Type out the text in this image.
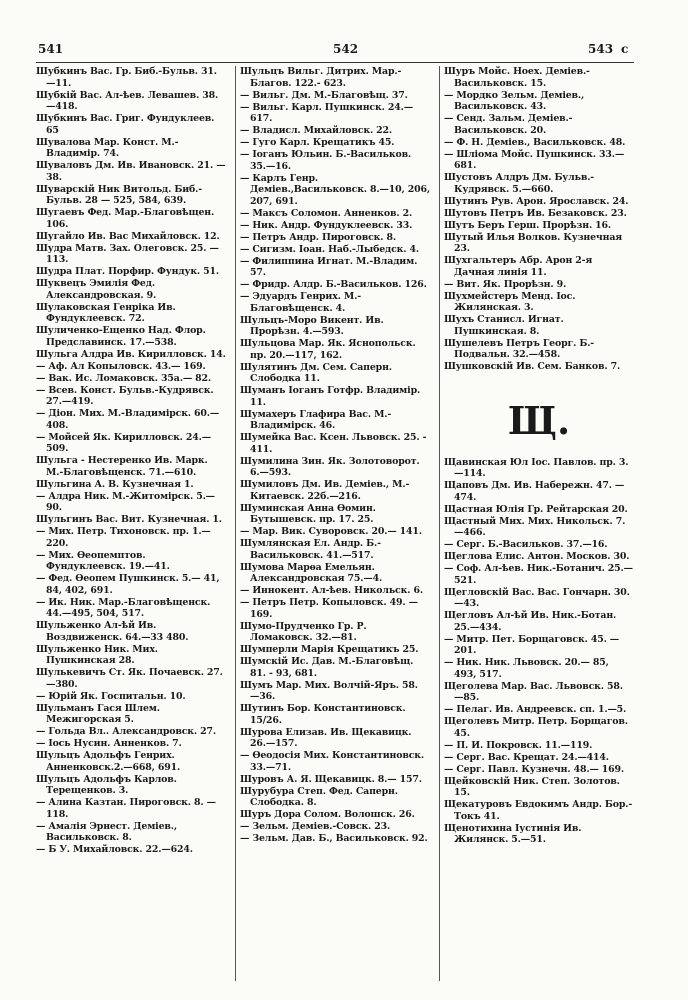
541	542	543 c
Шубкинъ Вас. Гр. Биб.-Бульв. 31.—11.
Шубкій Вас. Ал-ѣев. Левашев. 38.—418.
Шубкинъ Вас. Григ. Фундуклеев. 65
Шувалова Мар. Конст. М.-Владимір. 74.
Шуваловъ Дм. Ив. Ивановск. 21. —38.
Шуварскій Ник Витольд. Биб.-Бульв. 28 — 525, 584, 639.
Шугаевъ Фед. Мар.-Благовѣщен. 106.
Шугайло Ив. Вас Михайловск. 12.
Шудра Матв. Зах. Олеговск. 25. —113.
Шудра Плат. Порфир. Фундук. 51.
Шуквецъ Эмилія Фед. Александровская. 9.
Шулаковская Генріка Ив. Фундуклеевск. 72.
Шуличенко-Ещенко Над. Флор. Предславинск. 17.—538.
Шульга Алдра Ив. Кирилловск. 14.
— Аф. Ал Копыловск. 43.— 169.
— Вак. Ис. Ломаковск. 35а.— 82.
— Всев. Конст. Бульв.-Кудрявск. 27.—419.
— Діон. Мих. М.-Владимірск. 60.—408.
— Мойсей Як. Кирилловск. 24.— 509.
Шульга - Нестеренко Ив. Марк. М.-Благовѣщенск. 71.—610.
Шульгина А. В. Кузнечная 1.
— Алдра Ник. М.-Житомірск. 5.—90.
Шульгинъ Вас. Вит. Кузнечная. 1.
— Мих. Петр. Тихоновск. пр. 1.—220.
— Мих. Ѳеопемптов. Фундуклеевск. 19.—41.
— Фед. Ѳеопем Пушкинск. 5.— 41, 84, 402, 691.
— Ик. Ник. Мар.-Благовѣщенск. 44.—495, 504, 517.
Шульженко Ал-ѣй Ив. Воздвиженск. 64.—33 480.
Шульженко Ник. Мих. Пушкинская 28.
Шулькевичъ Ст. Як. Почаевск. 27.—380.
— Юрій Як. Госпитальн. 10.
Шульманъ Гася Шлем. Межигорская 5.
— Гольда Вл.. Александровск. 27.
— Іось Нусин. Анненков. 7.
Шульцъ Адольфъ Генрих. Анненковск.2.—668, 691.
Шульцъ Адольфъ Карлов. Терещенков. 3.
— Алина Казтан. Пироговск. 8. —118.
— Амалія Эрнест. Деміев., Васильковск. 8.
— Б У. Михайловск. 22.—624.
Шульцъ Вильг. Дитрих. Мар.-Благов. 122.- 623.
— Вильг. Дм. М.-Благовѣщ. 37.
— Вильг. Карл. Пушкинск. 24.— 617.
— Владисл. Михайловск. 22.
— Гуго Карл. Крещатикъ 45.
— Іоганъ Юльин. Б.-Васильков. 35.—16.
— Карлъ Генр. Деміев.,Васильковск. 8.—10, 206, 207, 691.
— Максъ Соломон. Анненков. 2.
— Ник. Андр. Фундуклеевск. 33.
— Петръ Андр. Пироговск. 8.
— Сигизм. Іоан. Наб.-Лыбедск. 4.
— Филиппина Игнат. М.-Владим. 57.
— Фридр. Алдр. Б.-Васильков. 126.
— Эдуардъ Генрих. М.-Благовѣщенск. 4.
Шульцъ-Моро Викент. Ив. Прорѣзн. 4.—593.
Шульцова Мар. Як. Яснопольск. пр. 20.—117, 162.
Шулятинъ Дм. Сем. Саперн. Слободка 11.
Шуманъ Іоганъ Готфр. Владимір. 11.
Шумахеръ Глафира Вас. М.-Владимірск. 46.
Шумейка Вас. Ксен. Львовск. 25. - 411.
Шумилина Зин. Як. Золотоворот. 6.—593.
Шумиловъ Дм. Ив. Деміев., М.-Китаевск. 22б.—216.
Шуминская Анна Ѳомин. Бутышевск. пр. 17. 25.
— Мар. Вик. Суворовск. 20.— 141.
Шумлянская Ел. Андр. Б.-Васильковск. 41.—517.
Шумова Марѳа Емельян. Александровская 75.—4.
— Иннокент. Ал-ѣев. Никольск. 6.
— Петръ Петр. Копыловск. 49. —169.
Шумо-Прудченко Гр. Р. Ломаковск. 32.—81.
Шумперли Марія Крещатикъ 25.
Шумскій Ис. Дав. М.-Благовѣщ. 81. - 93, 681.
Шумъ Мар. Мих. Волчій-Яръ. 58. —36.
Шутинъ Бор. Константиновск. 15/26.
Шурова Елизав. Ив. Щекавицк. 26.—157.
— Ѳеодосія Мих. Константиновск. 33.—71.
Шуровъ А. Я. Щекавицк. 8.— 157.
Шурубура Степ. Фед. Саперн. Слободка. 8.
Шуръ Дора Солом. Волошск. 26.
— Зельм. Деміев.-Совск. 23.
— Зельм. Дав. Б., Васильковск. 92.
Шуръ Мойс. Ноех. Деміев.-Васильковск. 15.
— Мордко Зельм. Деміев., Васильковск. 43.
— Сенд. Зальм. Деміев.-Васильковск. 20.
— Ф. Н. Деміев., Васильковск. 48.
— Шліома Мойс. Пушкинск. 33.—681.
Шустовъ Алдръ Дм. Бульв.-Кудрявск. 5.—660.
Шутинъ Рув. Арон. Ярославск. 24.
Шутовъ Петръ Ив. Безаковск. 23.
Шутъ Беръ Герш. Прорѣзн. 16.
Шутый Илья Волков. Кузнечная 23.
Шухгальтеръ Абр. Арон 2-я Дачная линія 11.
— Вит. Як. Прорѣзн. 9.
Шухмейстеръ Менд. Іос. Жилянская. 3.
Шухъ Станисл. Игнат. Пушкинская. 8.
Шушелевъ Петръ Георг. Б.-Подвальн. 32.—458.
Шушковскій Ив. Сем. Банков. 7.
Щ.
Щавинская Юл Іос. Павлов. пр. 3.—114.
Щаповъ Дм. Ив. Набережн. 47. —474.
Щастная Юлія Гр. Рейтарская 20.
Щастный Мих. Мих. Никольск. 7.—466.
— Серг. Б.-Васильков. 37.—16.
Щеглова Елис. Антон. Москов. 30.
— Соф. Ал-ѣев. Ник.-Ботанич. 25.—521.
Щегловскій Вас. Вас. Гончарн. 30. —43.
Щегловъ Ал-ѣй Ив. Ник.-Ботан. 25.—434.
— Митр. Пет. Борщаговск. 45. —201.
— Ник. Ник. Львовск. 20.— 85, 493, 517.
Щеголева Мар. Вас. Львовск. 58. —85.
— Пелаг. Ив. Андреевск. сп. 1.—5.
Щеголевъ Митр. Петр. Борщагов. 45.
— П. И. Покровск. 11.—119.
— Серг. Вас. Крещат. 24.—414.
— Серг. Павл. Кузнечн. 48.— 169.
Щейковскій Ник. Степ. Золотов. 15.
Щекатуровъ Евдокимъ Андр. Бор.-Токъ 41.
Щенотихина Іустинія Ив. Жилянск. 5.—51.
